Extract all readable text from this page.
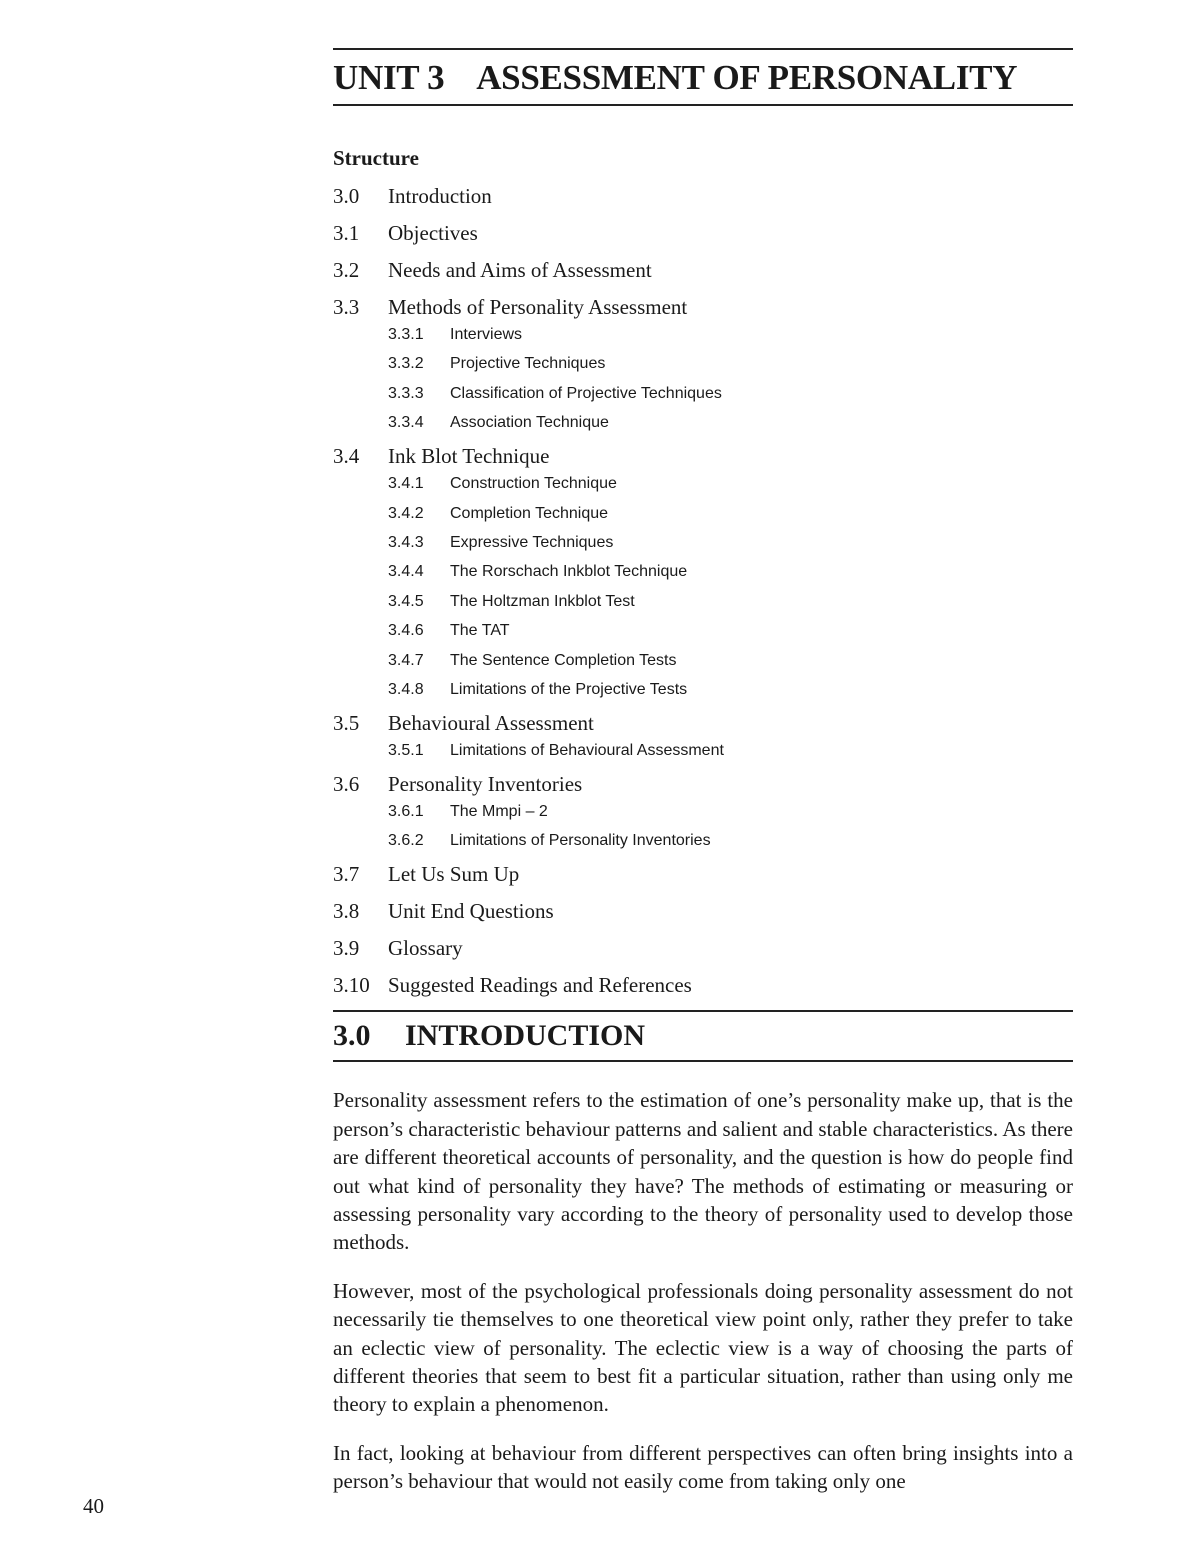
UNIT 3    ASSESSMENT OF PERSONALITY
Structure
3.0	Introduction
3.1	Objectives
3.2	Needs and Aims of Assessment
3.3	Methods of Personality Assessment
3.3.1	Interviews
3.3.2	Projective Techniques
3.3.3	Classification of Projective Techniques
3.3.4	Association Technique
3.4	Ink Blot Technique
3.4.1	Construction Technique
3.4.2	Completion Technique
3.4.3	Expressive Techniques
3.4.4	The Rorschach Inkblot Technique
3.4.5	The Holtzman Inkblot Test
3.4.6	The TAT
3.4.7	The Sentence Completion Tests
3.4.8	Limitations of the Projective Tests
3.5	Behavioural Assessment
3.5.1	Limitations of Behavioural Assessment
3.6	Personality Inventories
3.6.1	The Mmpi – 2
3.6.2	Limitations of Personality Inventories
3.7	Let Us Sum Up
3.8	Unit End Questions
3.9	Glossary
3.10 Suggested Readings and References
3.0 INTRODUCTION

Personality assessment refers to the estimation of one’s personality make up, that is the person’s characteristic behaviour patterns and salient and stable characteristics. As there are different theoretical accounts of personality, and the question is how do people find out what kind of personality they have? The methods of estimating or measuring or assessing personality vary according to the theory of personality used to develop those methods.

However, most of the psychological professionals doing personality assessment do not necessarily tie themselves to one theoretical view point only, rather they prefer to take an eclectic view of personality. The eclectic view is a way of choosing the parts of different theories that seem to best fit a particular situation, rather than using only me theory to explain a phenomenon.

In fact, looking at behaviour from different perspectives can often bring insights into a person’s behaviour that would not easily come from taking only one

40
